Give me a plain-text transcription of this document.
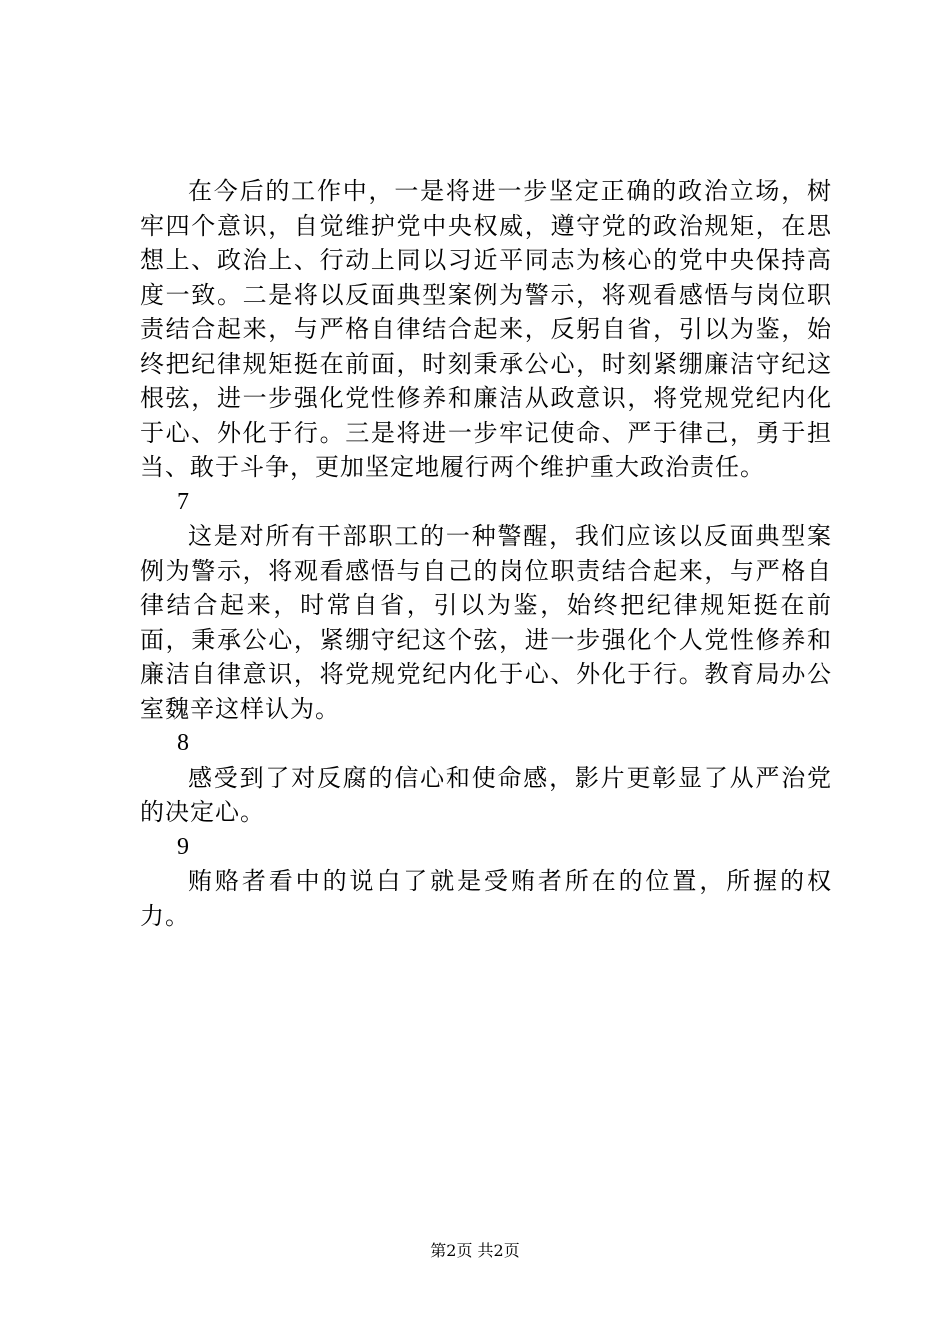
在今后的工作中，一是将进一步坚定正确的政治立场，树牢四个意识，自觉维护党中央权威，遵守党的政治规矩，在思想上、政治上、行动上同以习近平同志为核心的党中央保持高度一致。二是将以反面典型案例为警示，将观看感悟与岗位职责结合起来，与严格自律结合起来，反躬自省，引以为鉴，始终把纪律规矩挺在前面，时刻秉承公心，时刻紧绷廉洁守纪这根弦，进一步强化党性修养和廉洁从政意识，将党规党纪内化于心、外化于行。三是将进一步牢记使命、严于律己，勇于担当、敢于斗争，更加坚定地履行两个维护重大政治责任。

7

这是对所有干部职工的一种警醒，我们应该以反面典型案例为警示，将观看感悟与自己的岗位职责结合起来，与严格自律结合起来，时常自省，引以为鉴，始终把纪律规矩挺在前面，秉承公心，紧绷守纪这个弦，进一步强化个人党性修养和廉洁自律意识，将党规党纪内化于心、外化于行。教育局办公室魏辛这样认为。

8

感受到了对反腐的信心和使命感，影片更彰显了从严治党的决定心。

9

贿赂者看中的说白了就是受贿者所在的位置，所握的权力。

第2页 共2页
